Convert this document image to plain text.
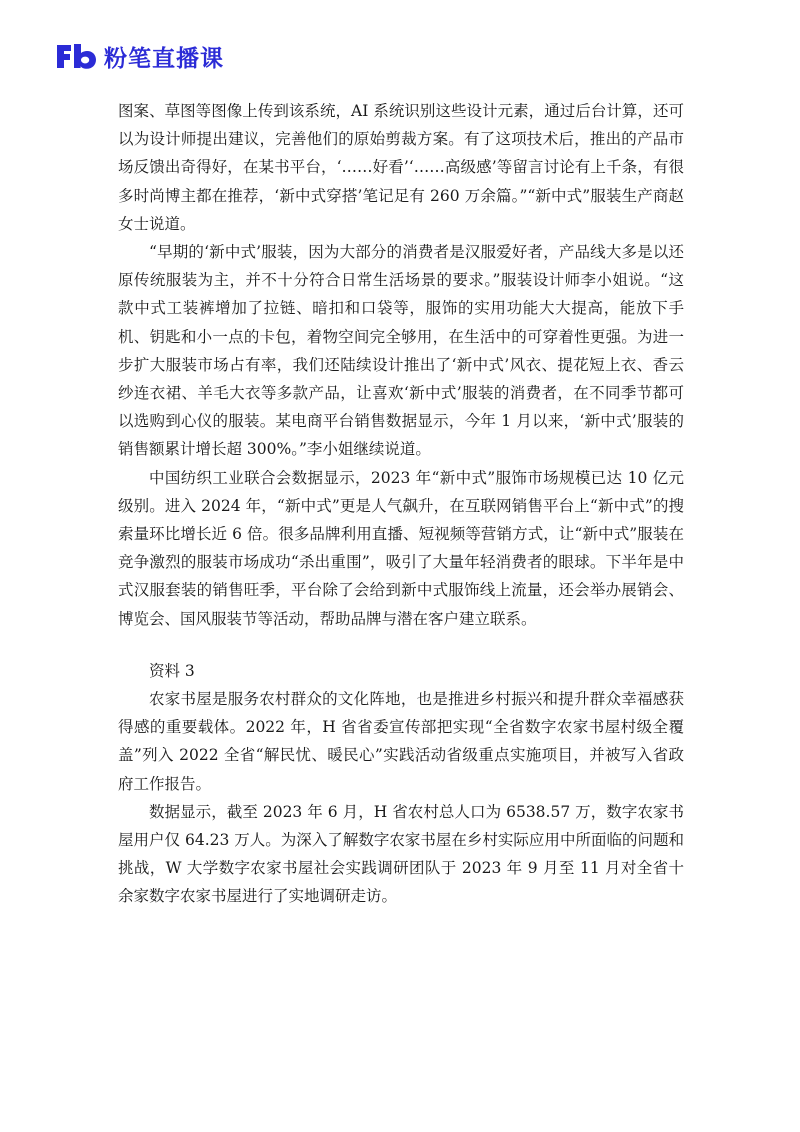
粉笔直播课

图案、草图等图像上传到该系统，AI 系统识别这些设计元素，通过后台计算，还可以为设计师提出建议，完善他们的原始剪裁方案。有了这项技术后，推出的产品市场反馈出奇得好，在某书平台，‘……好看’‘……高级感’等留言讨论有上千条，有很多时尚博主都在推荐，‘新中式穿搭’笔记足有 260 万余篇。”“新中式”服装生产商赵女士说道。

“早期的‘新中式’服装，因为大部分的消费者是汉服爱好者，产品线大多是以还原传统服装为主，并不十分符合日常生活场景的要求。”服装设计师李小姐说。“这款中式工装裤增加了拉链、暗扣和口袋等，服饰的实用功能大大提高，能放下手机、钥匙和小一点的卡包，着物空间完全够用，在生活中的可穿着性更强。为进一步扩大服装市场占有率，我们还陆续设计推出了‘新中式’风衣、提花短上衣、香云纱连衣裙、羊毛大衣等多款产品，让喜欢‘新中式’服装的消费者，在不同季节都可以选购到心仪的服装。某电商平台销售数据显示，今年 1 月以来，‘新中式’服装的销售额累计增长超 300%。”李小姐继续说道。

中国纺织工业联合会数据显示，2023 年“新中式”服饰市场规模已达 10 亿元级别。进入 2024 年，“新中式”更是人气飙升，在互联网销售平台上“新中式”的搜索量环比增长近 6 倍。很多品牌利用直播、短视频等营销方式，让“新中式”服装在竞争激烈的服装市场成功“杀出重围”，吸引了大量年轻消费者的眼球。下半年是中式汉服套装的销售旺季，平台除了会给到新中式服饰线上流量，还会举办展销会、博览会、国风服装节等活动，帮助品牌与潜在客户建立联系。

资料 3

农家书屋是服务农村群众的文化阵地，也是推进乡村振兴和提升群众幸福感获得感的重要载体。2022 年，H 省省委宣传部把实现“全省数字农家书屋村级全覆盖”列入 2022 全省“解民忧、暖民心”实践活动省级重点实施项目，并被写入省政府工作报告。

数据显示，截至 2023 年 6 月，H 省农村总人口为 6538.57 万，数字农家书屋用户仅 64.23 万人。为深入了解数字农家书屋在乡村实际应用中所面临的问题和挑战，W 大学数字农家书屋社会实践调研团队于 2023 年 9 月至 11 月对全省十余家数字农家书屋进行了实地调研走访。
